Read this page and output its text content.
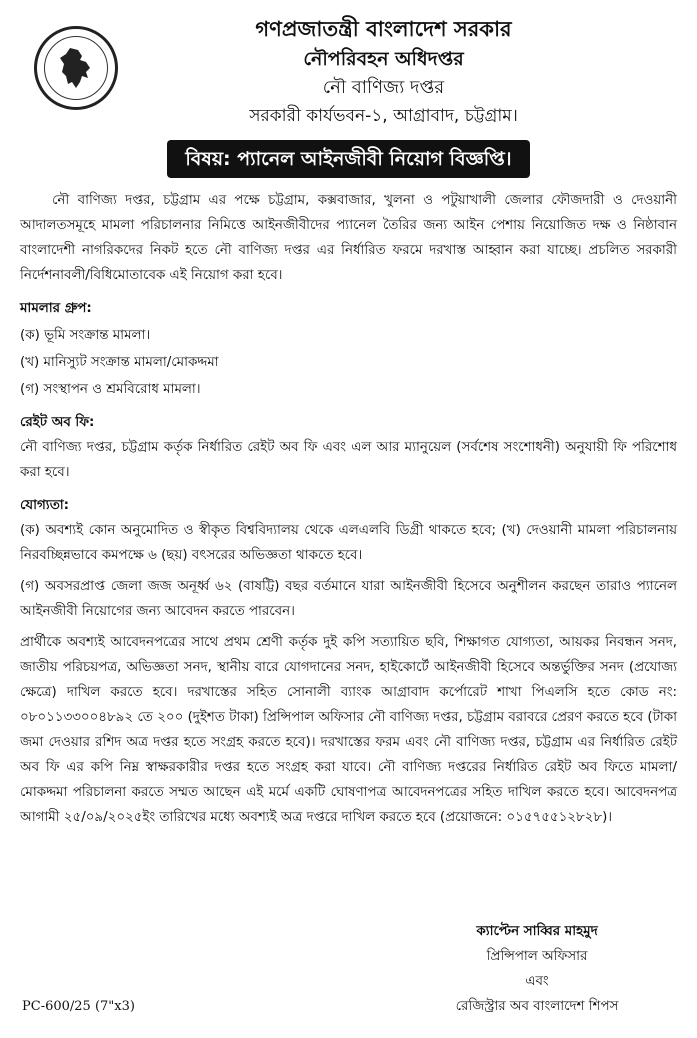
গণপ্রজাতন্ত্রী বাংলাদেশ সরকার
নৌপরিবহন অধিদপ্তর
নৌ বাণিজ্য দপ্তর
সরকারী কার্যভবন-১, আগ্রাবাদ, চট্টগ্রাম।
বিষয়: প্যানেল আইনজীবী নিয়োগ বিজ্ঞপ্তি।

নৌ বাণিজ্য দপ্তর, চট্টগ্রাম এর পক্ষে চট্টগ্রাম, কক্সবাজার, খুলনা ও পটুয়াখালী জেলার ফৌজদারী ও দেওয়ানী আদালতসমূহে মামলা পরিচালনার নিমিত্তে আইনজীবীদের প্যানেল তৈরির জন্য আইন পেশায় নিয়োজিত দক্ষ ও নিষ্ঠাবান বাংলাদেশী নাগরিকদের নিকট হতে নৌ বাণিজ্য দপ্তর এর নির্ধারিত ফরমে দরখাস্ত আহ্বান করা যাচ্ছে। প্রচলিত সরকারী নির্দেশনাবলী/বিধিমোতাবেক এই নিয়োগ করা হবে।

মামলার গ্রুপ:
(ক) ভূমি সংক্রান্ত মামলা।
(খ) মানিস্যুট সংক্রান্ত মামলা/মোকদ্দমা
(গ) সংস্থাপন ও শ্রমবিরোধ মামলা।
রেইট অব ফি:

নৌ বাণিজ্য দপ্তর, চট্টগ্রাম কর্তৃক নির্ধারিত রেইট অব ফি এবং এল আর ম্যানুয়েল (সর্বশেষ সংশোধনী) অনুযায়ী ফি পরিশোধ করা হবে।

যোগ্যতা:

(ক) অবশ্যই কোন অনুমোদিত ও স্বীকৃত বিশ্ববিদ্যালয় থেকে এলএলবি ডিগ্রী থাকতে হবে; (খ) দেওয়ানী মামলা পরিচালনায় নিরবচ্ছিন্নভাবে কমপক্ষে ৬ (ছয়) বৎসরের অভিজ্ঞতা থাকতে হবে।

(গ) অবসরপ্রাপ্ত জেলা জজ অনূর্ধ্ব ৬২ (বাষট্টি) বছর বর্তমানে যারা আইনজীবী হিসেবে অনুশীলন করছেন তারাও প্যানেল আইনজীবী নিয়োগের জন্য আবেদন করতে পারবেন।

প্রার্থীকে অবশ্যই আবেদনপত্রের সাথে প্রথম শ্রেণী কর্তৃক দুই কপি সত্যায়িত ছবি, শিক্ষাগত যোগ্যতা, আয়কর নিবন্ধন সনদ, জাতীয় পরিচয়পত্র, অভিজ্ঞতা সনদ, স্থানীয় বারে যোগদানের সনদ, হাইকোর্টে আইনজীবী হিসেবে অন্তর্ভুক্তির সনদ (প্রযোজ্য ক্ষেত্রে) দাখিল করতে হবে। দরখাস্তের সহিত সোনালী ব্যাংক আগ্রাবাদ কর্পোরেট শাখা পিএলসি হতে কোড নং: ০৮০১১৩৩০০৪৮৯২ তে ২০০ (দুইশত টাকা) প্রিন্সিপাল অফিসার নৌ বাণিজ্য দপ্তর, চট্টগ্রাম বরাবরে প্রেরণ করতে হবে (টাকা জমা দেওয়ার রশিদ অত্র দপ্তর হতে সংগ্রহ করতে হবে)। দরখাস্তের ফরম এবং নৌ বাণিজ্য দপ্তর, চট্টগ্রাম এর নির্ধারিত রেইট অব ফি এর কপি নিম্ন স্বাক্ষরকারীর দপ্তর হতে সংগ্রহ করা যাবে। নৌ বাণিজ্য দপ্তরের নির্ধারিত রেইট অব ফিতে মামলা/মোকদ্দমা পরিচালনা করতে সম্মত আছেন এই মর্মে একটি ঘোষণাপত্র আবেদনপত্রের সহিত দাখিল করতে হবে। আবেদনপত্র আগামী ২৫/০৯/২০২৫ইং তারিখের মধ্যে অবশ্যই অত্র দপ্তরে দাখিল করতে হবে (প্রয়োজনে: ০১৫৭৫৫১২৮২৮)।

ক্যাপ্টেন সাব্বির মাহমুদ
প্রিন্সিপাল অফিসার
এবং
রেজিস্ট্রার অব বাংলাদেশ শিপস
PC-600/25 (7"x3)
